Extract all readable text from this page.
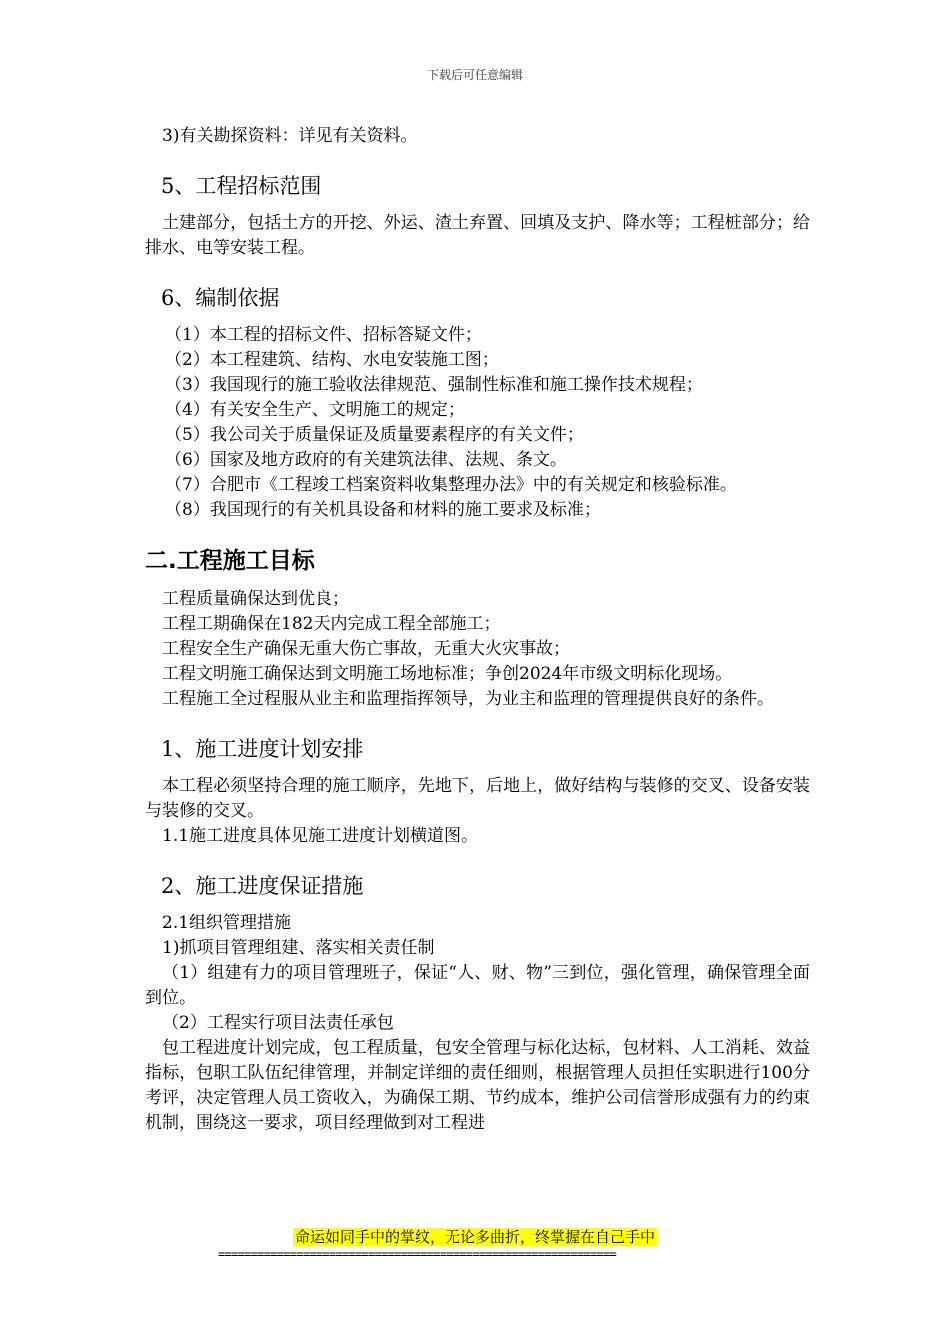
下载后可任意编辑

3)有关勘探资料：详见有关资料。

5、工程招标范围

土建部分，包括土方的开挖、外运、渣土弃置、回填及支护、降水等；工程桩部分；给排水、电等安装工程。

6、编制依据

（1）本工程的招标文件、招标答疑文件；

（2）本工程建筑、结构、水电安装施工图；

（3）我国现行的施工验收法律规范、强制性标准和施工操作技术规程；

（4）有关安全生产、文明施工的规定；

（5）我公司关于质量保证及质量要素程序的有关文件；

（6）国家及地方政府的有关建筑法律、法规、条文。

（7）合肥市《工程竣工档案资料收集整理办法》中的有关规定和核验标准。

（8）我国现行的有关机具设备和材料的施工要求及标准；

二.工程施工目标

工程质量确保达到优良；

工程工期确保在182天内完成工程全部施工；

工程安全生产确保无重大伤亡事故，无重大火灾事故；

工程文明施工确保达到文明施工场地标准；争创2024年市级文明标化现场。

工程施工全过程服从业主和监理指挥领导，为业主和监理的管理提供良好的条件。

1、施工进度计划安排

本工程必须坚持合理的施工顺序，先地下，后地上，做好结构与装修的交叉、设备安装与装修的交叉。

1.1施工进度具体见施工进度计划横道图。

2、施工进度保证措施

2.1组织管理措施

1)抓项目管理组建、落实相关责任制

（1）组建有力的项目管理班子，保证“人、财、物”三到位，强化管理，确保管理全面到位。

（2）工程实行项目法责任承包

包工程进度计划完成，包工程质量，包安全管理与标化达标，包材料、人工消耗、效益指标，包职工队伍纪律管理，并制定详细的责任细则，根据管理人员担任实职进行100分考评，决定管理人员工资收入，为确保工期、节约成本，维护公司信誉形成强有力的约束机制，围绕这一要求，项目经理做到对工程进

命运如同手中的掌纹，无论多曲折，终掌握在自己手中
=============================================================
